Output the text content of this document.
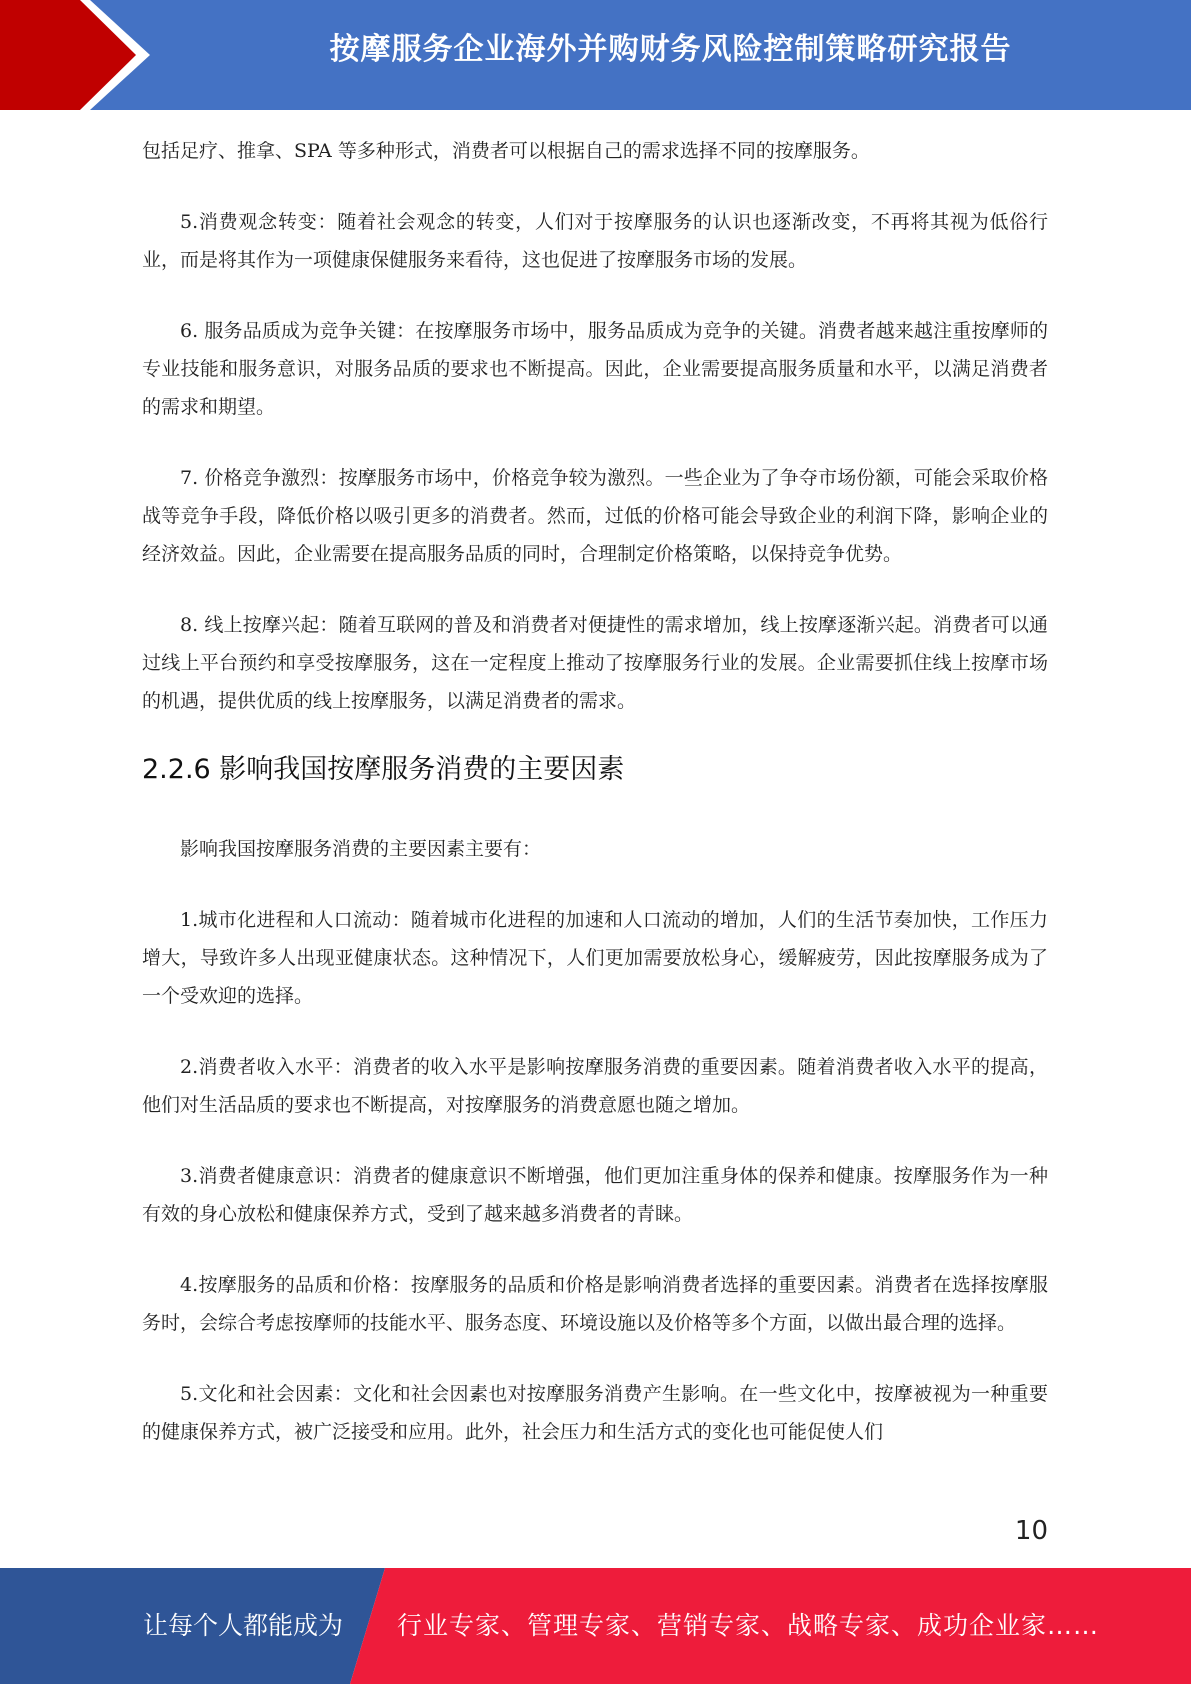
按摩服务企业海外并购财务风险控制策略研究报告

包括足疗、推拿、SPA 等多种形式，消费者可以根据自己的需求选择不同的按摩服务。

5.消费观念转变：随着社会观念的转变，人们对于按摩服务的认识也逐渐改变，不再将其视为低俗行业，而是将其作为一项健康保健服务来看待，这也促进了按摩服务市场的发展。

6. 服务品质成为竞争关键：在按摩服务市场中，服务品质成为竞争的关键。消费者越来越注重按摩师的专业技能和服务意识，对服务品质的要求也不断提高。因此，企业需要提高服务质量和水平，以满足消费者的需求和期望。

7. 价格竞争激烈：按摩服务市场中，价格竞争较为激烈。一些企业为了争夺市场份额，可能会采取价格战等竞争手段，降低价格以吸引更多的消费者。然而，过低的价格可能会导致企业的利润下降，影响企业的经济效益。因此，企业需要在提高服务品质的同时，合理制定价格策略，以保持竞争优势。

8. 线上按摩兴起：随着互联网的普及和消费者对便捷性的需求增加，线上按摩逐渐兴起。消费者可以通过线上平台预约和享受按摩服务，这在一定程度上推动了按摩服务行业的发展。企业需要抓住线上按摩市场的机遇，提供优质的线上按摩服务，以满足消费者的需求。

2.2.6 影响我国按摩服务消费的主要因素

影响我国按摩服务消费的主要因素主要有：

1.城市化进程和人口流动：随着城市化进程的加速和人口流动的增加，人们的生活节奏加快，工作压力增大，导致许多人出现亚健康状态。这种情况下，人们更加需要放松身心，缓解疲劳，因此按摩服务成为了一个受欢迎的选择。

2.消费者收入水平：消费者的收入水平是影响按摩服务消费的重要因素。随着消费者收入水平的提高，他们对生活品质的要求也不断提高，对按摩服务的消费意愿也随之增加。

3.消费者健康意识：消费者的健康意识不断增强，他们更加注重身体的保养和健康。按摩服务作为一种有效的身心放松和健康保养方式，受到了越来越多消费者的青睐。

4.按摩服务的品质和价格：按摩服务的品质和价格是影响消费者选择的重要因素。消费者在选择按摩服务时，会综合考虑按摩师的技能水平、服务态度、环境设施以及价格等多个方面，以做出最合理的选择。

5.文化和社会因素：文化和社会因素也对按摩服务消费产生影响。在一些文化中，按摩被视为一种重要的健康保养方式，被广泛接受和应用。此外，社会压力和生活方式的变化也可能促使人们

10
让每个人都能成为 行业专家、管理专家、营销专家、战略专家、成功企业家……
